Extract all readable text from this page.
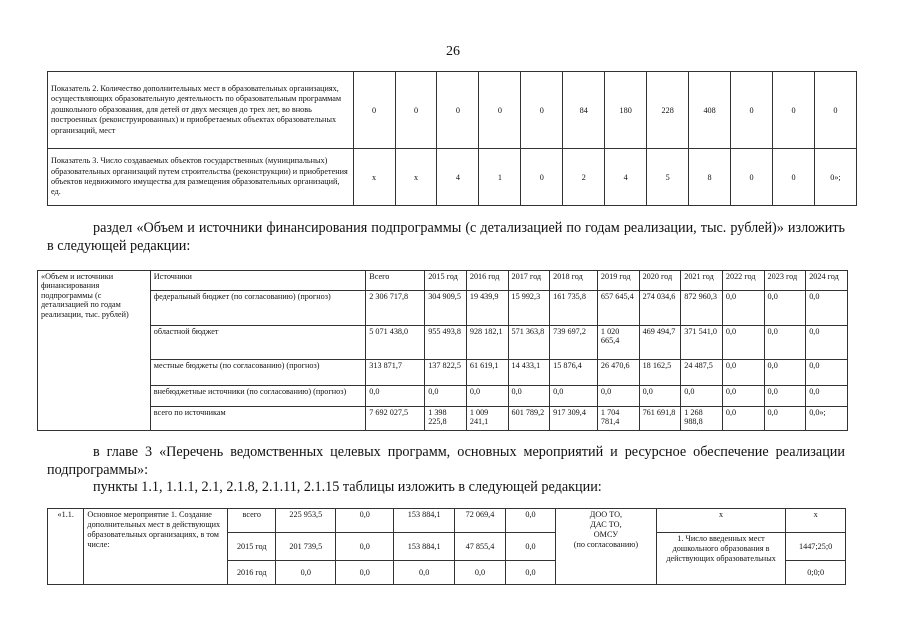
26
Показатель 2. Количество дополнительных мест в образовательных организациях, осуществляющих образовательную деятельность по образовательным программам дошкольного образования, для детей от двух месяцев до трех лет, во вновь построенных (реконструированных) и приобретаемых объектах образовательных организаций, мест	0	0	0	0	0	84	180	228	408	0	0	0
Показатель 3. Число создаваемых объектов государственных (муниципальных) образовательных организаций путем строительства (реконструкции) и приобретения объектов недвижимого имущества для размещения образовательных организаций, ед.	х	х	4	1	0	2	4	5	8	0	0	0»;
раздел «Объем и источники финансирования подпрограммы (с детализацией по годам реализации, тыс. рублей)» изложить в следующей редакции:
«Объем и источники финансирования подпрограммы (с детализацией по годам реализации, тыс. рублей)	Источники	Всего	2015 год	2016 год	2017 год	2018 год	2019 год	2020 год	2021 год	2022 год	2023 год	2024 год
	федеральный бюджет (по согласованию) (прогноз)	2 306 717,8	304 909,5	19 439,9	15 992,3	161 735,8	657 645,4	274 034,6	872 960,3	0,0	0,0	0,0
	областной бюджет	5 071 438,0	955 493,8	928 182,1	571 363,8	739 697,2	1 020 665,4	469 494,7	371 541,0	0,0	0,0	0,0
	местные бюджеты (по согласованию) (прогноз)	313 871,7	137 822,5	61 619,1	14 433,1	15 876,4	26 470,6	18 162,5	24 487,5	0,0	0,0	0,0
	внебюджетные источники (по согласованию) (прогноз)	0,0	0,0	0,0	0,0	0,0	0,0	0,0	0,0	0,0	0,0	0,0
	всего по источникам	7 692 027,5	1 398 225,8	1 009 241,1	601 789,2	917 309,4	1 704 781,4	761 691,8	1 268 988,8	0,0	0,0	0,0»;
в главе 3 «Перечень ведомственных целевых программ, основных мероприятий и ресурсное обеспечение реализации подпрограммы»:
пункты 1.1, 1.1.1, 2.1, 2.1.8, 2.1.11, 2.1.15 таблицы изложить в следующей редакции:
«1.1.	Основное мероприятие 1. Создание дополнительных мест в действующих образовательных организациях, в том числе:	всего	225 953,5	0,0	153 884,1	72 069,4	0,0	ДОО ТО,
ДАС ТО,
ОМСУ
(по согласованию)	х	х
		2015 год	201 739,5	0,0	153 884,1	47 855,4	0,0		1. Число введенных мест дошкольного образования в действующих образовательных	1447;25;0
		2016 год	0,0	0,0	0,0	0,0	0,0			0;0;0
